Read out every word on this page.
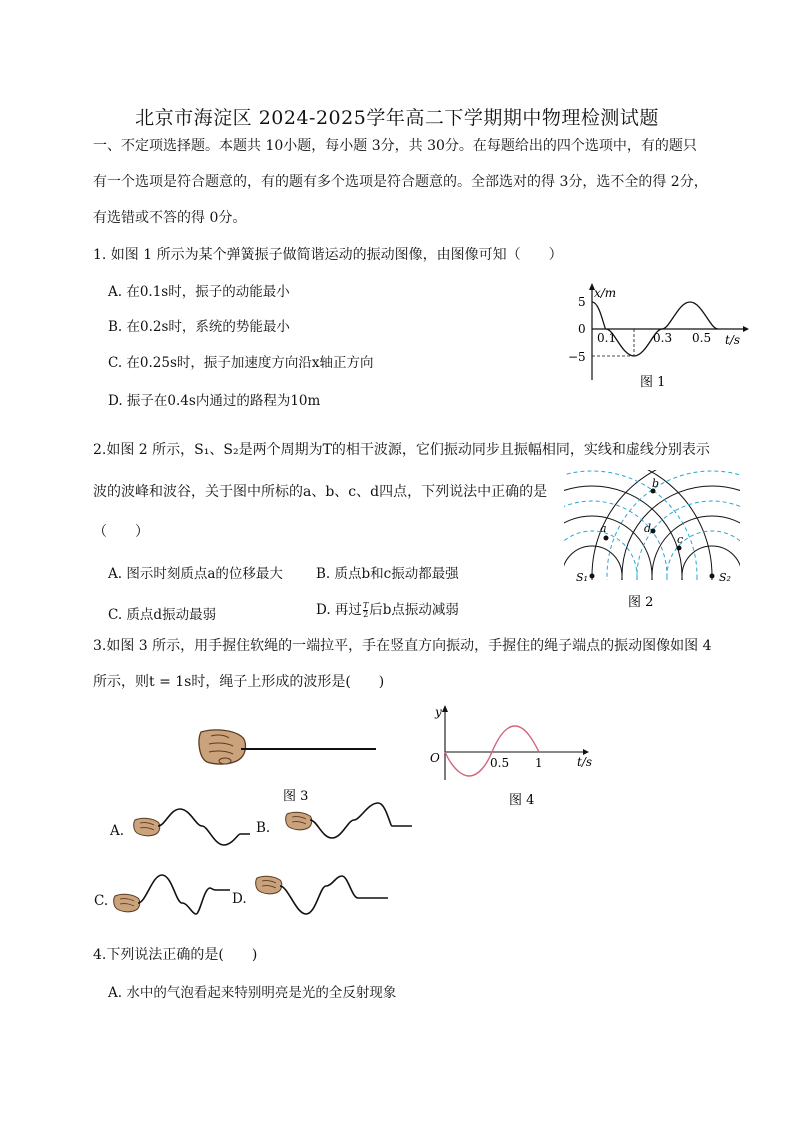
北京市海淀区 2024-2025学年高二下学期期中物理检测试题
一、不定项选择题。本题共 10小题，每小题 3分，共 30分。在每题给出的四个选项中，有的题只
有一个选项是符合题意的，有的题有多个选项是符合题意的。全部选对的得 3分，选不全的得 2分，
有选错或不答的得 0分。
1. 如图 1 所示为某个弹簧振子做简谐运动的振动图像，由图像可知（　　）
A. 在0.1s时，振子的动能最小
B. 在0.2s时，系统的势能最小
C. 在0.25s时，振子加速度方向沿x轴正方向
D. 振子在0.4s内通过的路程为10m
x/m
5
0
−5
0.1	0.3 0.5 t/s
图 1
2.如图 2 所示，S₁、S₂是两个周期为T的相干波源，它们振动同步且振幅相同，实线和虚线分别表示
波的波峰和波谷，关于图中所标的a、b、c、d四点，下列说法中正确的是
（　　）
A. 图示时刻质点a的位移最大 B. 质点b和c振动都最强
C. 质点d振动最弱	D. 再过 $\frac{T}{2}$ 后b点振动减弱
a
b
d
c
S₁	S₂
图 2
3.如图 3 所示，用手握住软绳的一端拉平，手在竖直方向振动，手握住的绳子端点的振动图像如图 4
所示，则t = 1s时，绳子上形成的波形是(　　)
图 3
y
O	0.5 1	t/s
图 4
A.	B.
C.	D.
4.下列说法正确的是(　　)
A. 水中的气泡看起来特别明亮是光的全反射现象
